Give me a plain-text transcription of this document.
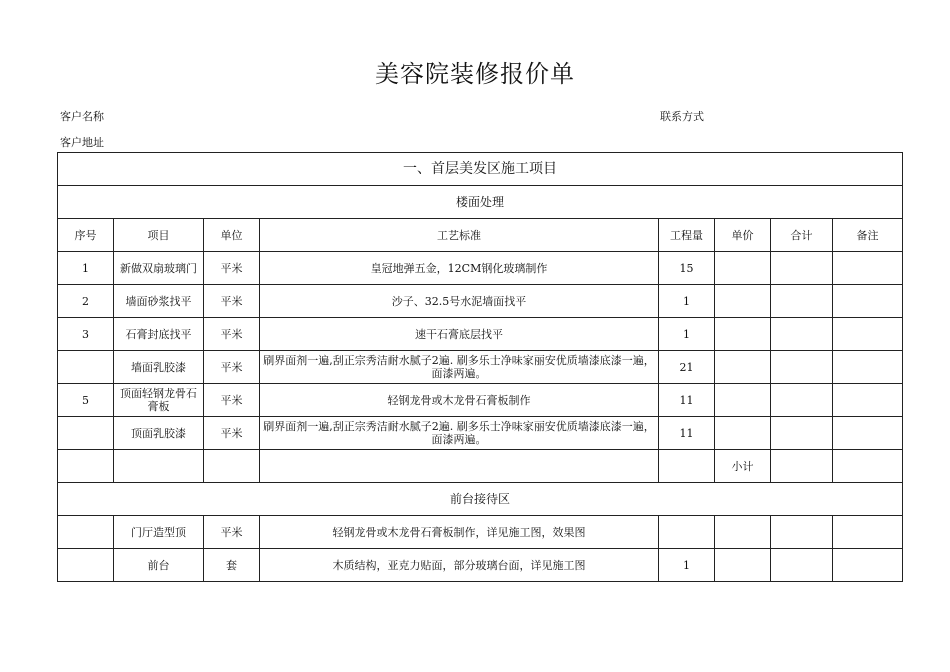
美容院装修报价单
客户名称	联系方式
客户地址
一、首层美发区施工项目							
楼面处理							
序号	项目	单位	工艺标准	工程量	单价	合计	备注
1	新做双扇玻璃门	平米	皇冠地弹五金，12CM钢化玻璃制作	15			
2	墙面砂浆找平	平米	沙子、32.5号水泥墙面找平	1			
3	石膏封底找平	平米	速干石膏底层找平	1			
	墙面乳胶漆	平米	刷界面剂一遍,刮正宗秀洁耐水腻子2遍. 刷多乐士净味家丽安优质墙漆底漆一遍，面漆两遍。	21			
5	顶面轻钢龙骨石膏板	平米	轻钢龙骨或木龙骨石膏板制作	11			
	顶面乳胶漆	平米	刷界面剂一遍,刮正宗秀洁耐水腻子2遍. 刷多乐士净味家丽安优质墙漆底漆一遍，面漆两遍。	11			
					小计		
前台接待区							
	门厅造型顶	平米	轻钢龙骨或木龙骨石膏板制作，详见施工图，效果图				
	前台	套	木质结构，亚克力贴面，部分玻璃台面，详见施工图	1			
